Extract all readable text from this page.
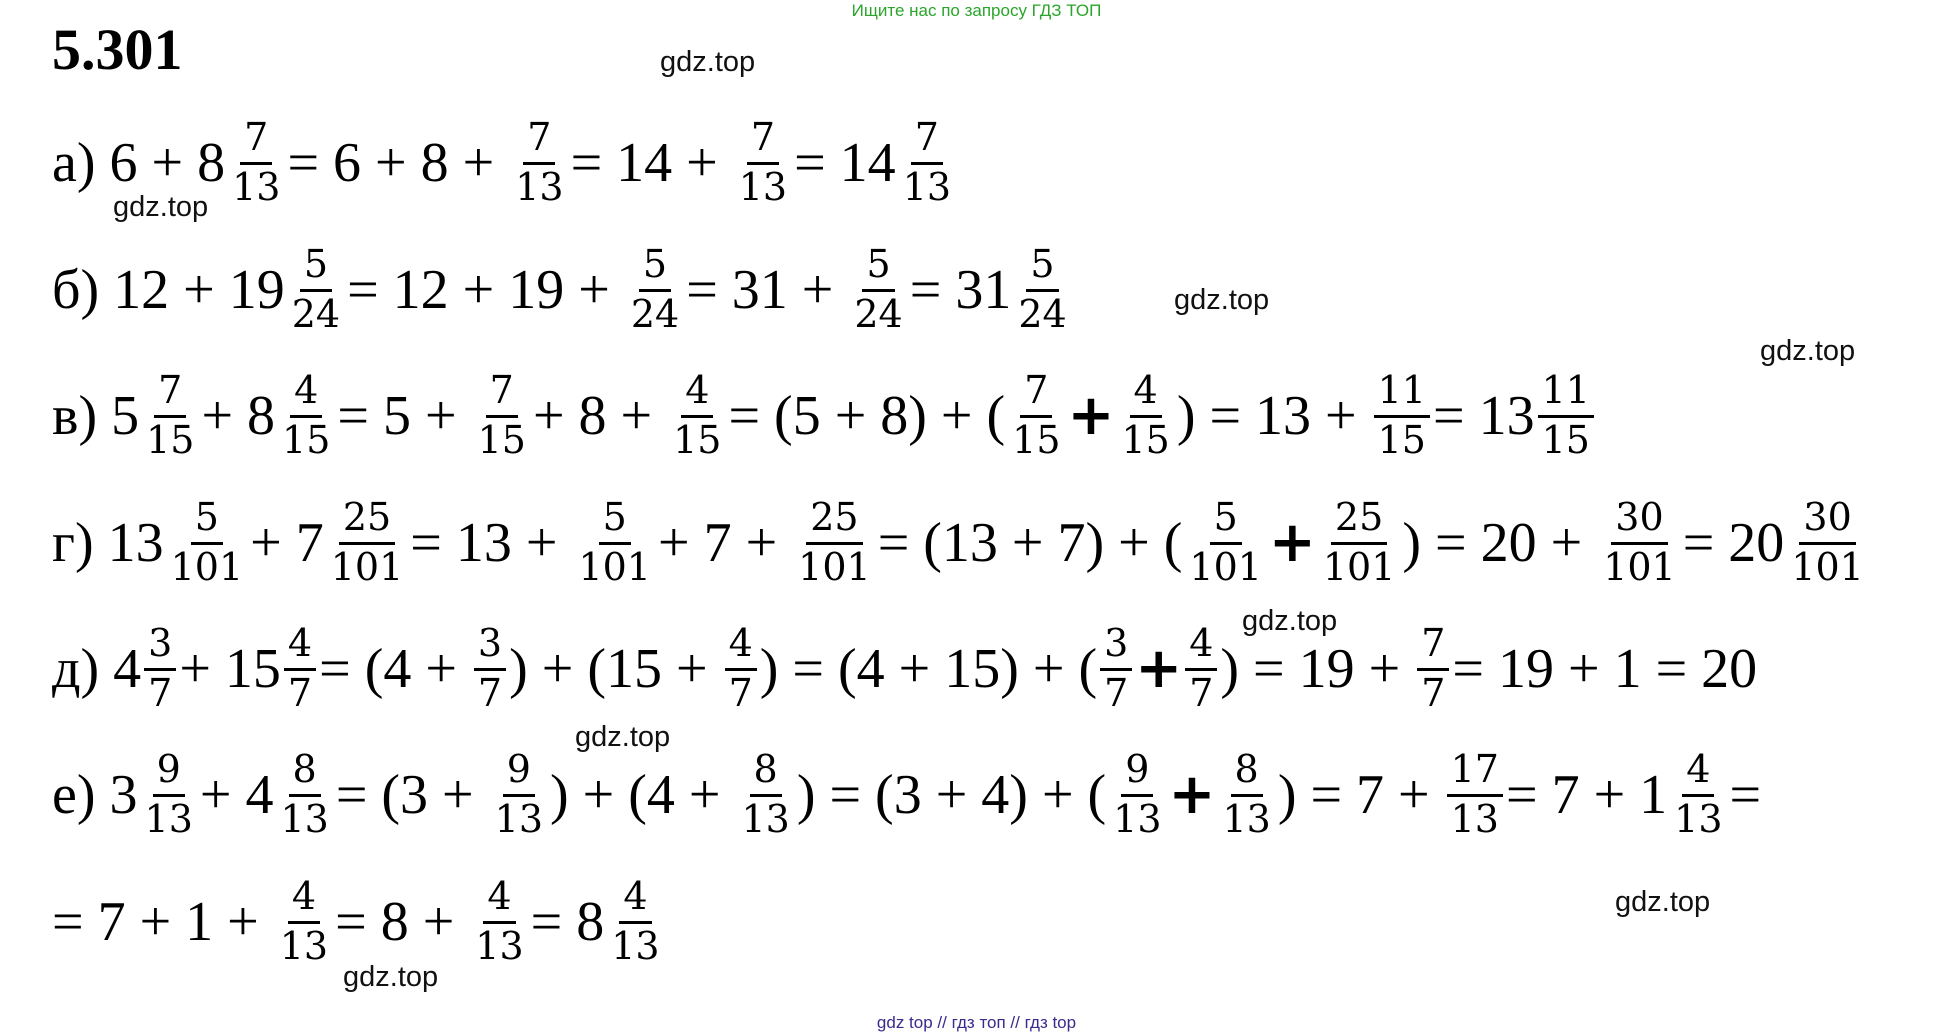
Ищите нас по запросу ГДЗ ТОП
5.301	gdz.top
gdz.top
gdz.top
gdz.top
gdz.top
gdz.top
gdz.top
gdz.top
а) $6 + 8 \frac{7}{13} = 6 + 8 + \frac{7}{13} = 14 + \frac{7}{13} = 14 \frac{7}{13}$
б) $12 + 19 \frac{5}{24} = 12 + 19 + \frac{5}{24} = 31 + \frac{5}{24} = 31 \frac{5}{24}$
в) $5 \frac{7}{15} + 8 \frac{4}{15} = 5 + \frac{7}{15} + 8 + \frac{4}{15} = (5 + 8)$ + ( $\frac{7}{15} + \frac{4}{15}$ ) = $13 + \frac{11}{15} = 13 \frac{11}{15}$
г) $13 \frac{5}{101} + 7 \frac{25}{101} = 13 + \frac{5}{101} + 7 + \frac{25}{101} = (13 + 7)$ + ( $\frac{5}{101} + \frac{25}{101}$ ) = $20 + \frac{30}{101} = 20 \frac{30}{101}$
д) $4 \frac{3}{7} + 15 \frac{4}{7} = (4 + \frac{3}{7}$ ) + ($15 + \frac{4}{7}$ ) = (4 + 15) + ( $\frac{3}{7} + \frac{4}{7}$ ) = $19 + \frac{7}{7} = 19 + 1 = 20$
е) $3 \frac{9}{13} + 4 \frac{8}{13} = (3 + \frac{9}{13}$ ) + ($4 + \frac{8}{13}$ ) = (3 + 4) + ( $\frac{9}{13} + \frac{8}{13}$ ) = $7 + \frac{17}{13} = 7 + 1 \frac{4}{13}$ =
= $7 + 1 + \frac{4}{13} = 8 + \frac{4}{13} = 8 \frac{4}{13}$
gdz top // гдз топ // гдз top
